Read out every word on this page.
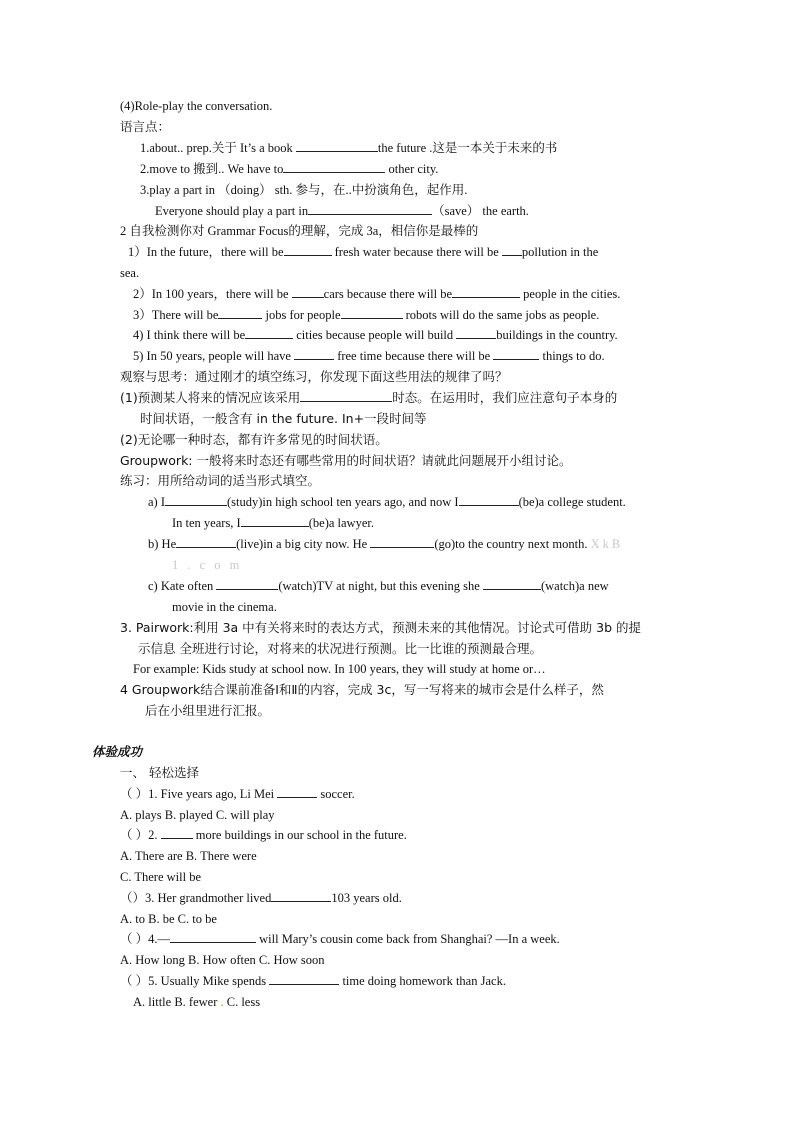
(4)Role-play the conversation.
语言点：
1.about.. prep.关于 It’s a book	the future .这是一本关于未来的书
2.move to 搬到.. We have to	other city.
3.play a part in （doing） sth. 参与，在..中扮演角色，起作用.
Everyone should play a part in	（save） the earth.
2 自我检测你对 Grammar Focus的理解，完成 3a，相信你是最棒的
1）In the future，there will be	fresh water because there will be pollution in the
sea.
2）In 100 years，there will be	cars because there will be	people in the cities.
3）There will be	jobs for people	robots will do the same jobs as people.
4) I think there will be	cities because people will build	buildings in the country.
5) In 50 years, people will have	free time because there will be	things to do.
观察与思考：通过刚才的填空练习，你发现下面这些用法的规律了吗？
(1)预测某人将来的情况应该采用	时态。在运用时，我们应注意句子本身的
时间状语，一般含有 in the future. In+一段时间等
(2)无论哪一种时态，都有许多常见的时间状语。
Groupwork: 一般将来时态还有哪些常用的时间状语？请就此问题展开小组讨论。
练习：用所给动词的适当形式填空。
a) I	(study)in high school ten years ago, and now I	(be)a college student.
In ten years, I	(be)a lawyer.
b) He	(live)in a big city now. He	(go)to the country next month. XkB
1 . c o m
c) Kate often	(watch)TV at night, but this evening she	(watch)a new
movie in the cinema.
3. Pairwork:利用 3a 中有关将来时的表达方式，预测未来的其他情况。讨论式可借助 3b 的提
示信息 全班进行讨论，对将来的状况进行预测。比一比谁的预测最合理。
For example: Kids study at school now. In 100 years, they will study at home or…
4 Groupwork结合课前准备Ⅰ和Ⅱ的内容，完成 3c，写一写将来的城市会是什么样子，然
后在小组里进行汇报。
体验成功
一、 轻松选择
（ ）1. Five years ago, Li Mei	soccer.
A. plays B. played C. will play
（ ）2.	more buildings in our school in the future.
A. There are B. There were
C. There will be
（）3. Her grandmother lived	103 years old.
A. to B. be C. to be
（ ）4.—	will Mary’s cousin come back from Shanghai? —In a week.
A. How long B. How often C. How soon
（ ）5. Usually Mike spends	time doing homework than Jack.
A. little B. fewer . C. less
